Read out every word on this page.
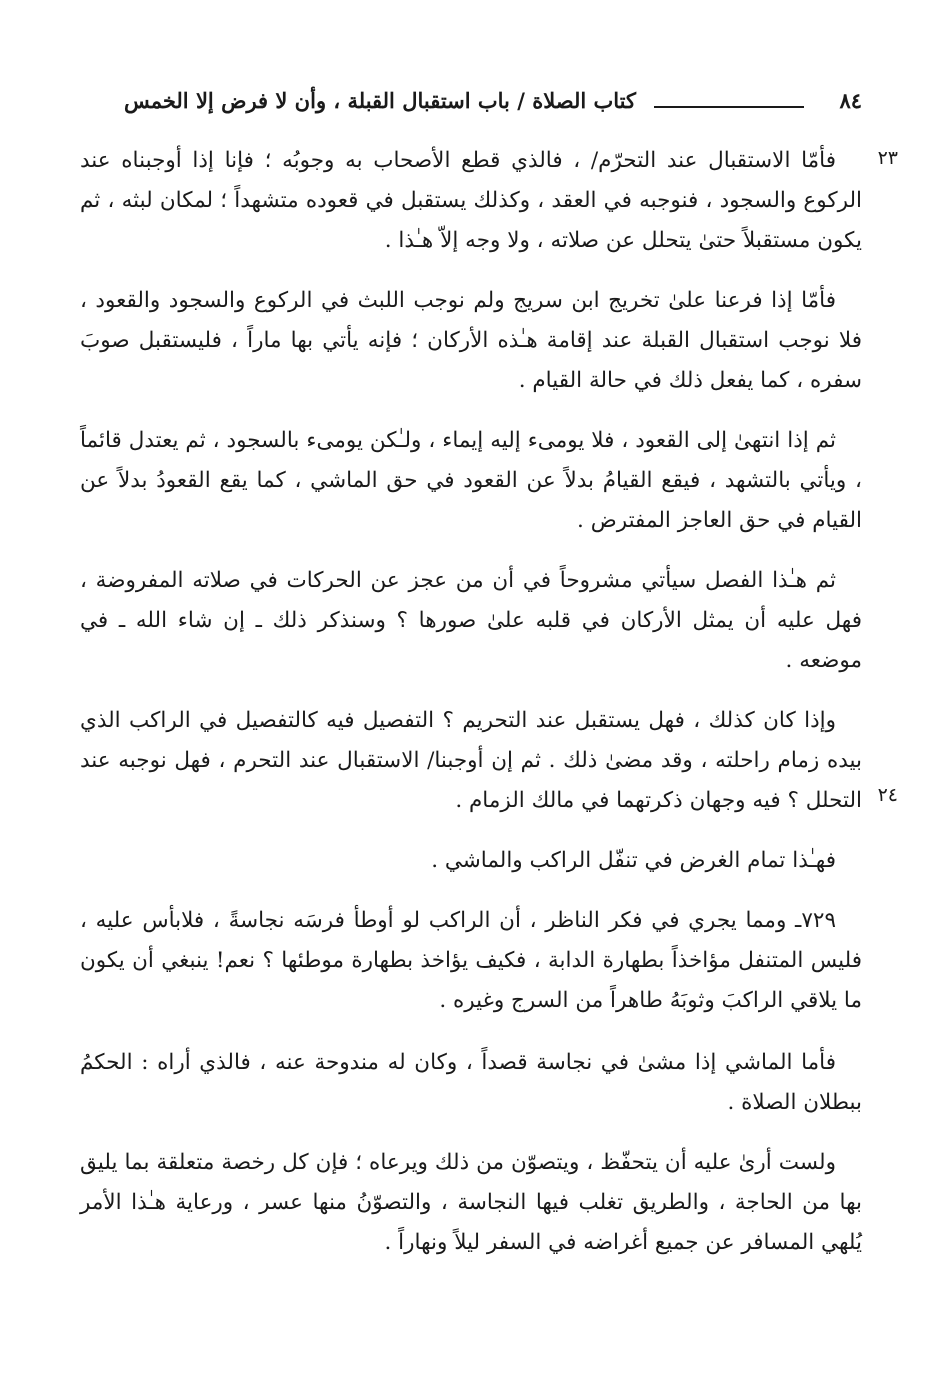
٨٤
كتاب الصلاة / باب استقبال القبلة ، وأن لا فرض إلا الخمس
٢٣
٢٤

فأمّا الاستقبال عند التحرّم/ ، فالذي قطع الأصحاب به وجوبُه ؛ فإنا إذا أوجبناه عند الركوع والسجود ، فنوجبه في العقد ، وكذلك يستقبل في قعوده متشهداً ؛ لمكان لبثه ، ثم يكون مستقبلاً حتىٰ يتحلل عن صلاته ، ولا وجه إلاّ هـٰذا .

فأمّا إذا فرعنا علىٰ تخريج ابن سريج ولم نوجب اللبث في الركوع والسجود والقعود ، فلا نوجب استقبال القبلة عند إقامة هـٰذه الأركان ؛ فإنه يأتي بها ماراً ، فليستقبل صوبَ سفره ، كما يفعل ذلك في حالة القيام .

ثم إذا انتهىٰ إلى القعود ، فلا يومىء إليه إيماء ، ولـٰكن يومىء بالسجود ، ثم يعتدل قائماً ، ويأتي بالتشهد ، فيقع القيامُ بدلاً عن القعود في حق الماشي ، كما يقع القعودُ بدلاً عن القيام في حق العاجز المفترض .

ثم هـٰذا الفصل سيأتي مشروحاً في أن من عجز عن الحركات في صلاته المفروضة ، فهل عليه أن يمثل الأركان في قلبه علىٰ صورها ؟ وسنذكر ذلك ـ إن شاء الله ـ في موضعه .

وإذا كان كذلك ، فهل يستقبل عند التحريم ؟ التفصيل فيه كالتفصيل في الراكب الذي بيده زمام راحلته ، وقد مضىٰ ذلك . ثم إن أوجبنا/ الاستقبال عند التحرم ، فهل نوجبه عند التحلل ؟ فيه وجهان ذكرتهما في مالك الزمام .

فهـٰذا تمام الغرض في تنفّل الراكب والماشي .

٧٢٩ـ ومما يجري في فكر الناظر ، أن الراكب لو أوطأ فرسَه نجاسةً ، فلابأس عليه ، فليس المتنفل مؤاخذاً بطهارة الدابة ، فكيف يؤاخذ بطهارة موطئها ؟ نعم! ينبغي أن يكون ما يلاقي الراكبَ وثوبَهُ طاهراً من السرج وغيره .

فأما الماشي إذا مشىٰ في نجاسة قصداً ، وكان له مندوحة عنه ، فالذي أراه : الحكمُ ببطلان الصلاة .

ولست أرىٰ عليه أن يتحفّظ ، ويتصوّن من ذلك ويرعاه ؛ فإن كل رخصة متعلقة بما يليق بها من الحاجة ، والطريق تغلب فيها النجاسة ، والتصوّنُ منها عسر ، ورعاية هـٰذا الأمر يُلهي المسافر عن جميع أغراضه في السفر ليلاً ونهاراً .
